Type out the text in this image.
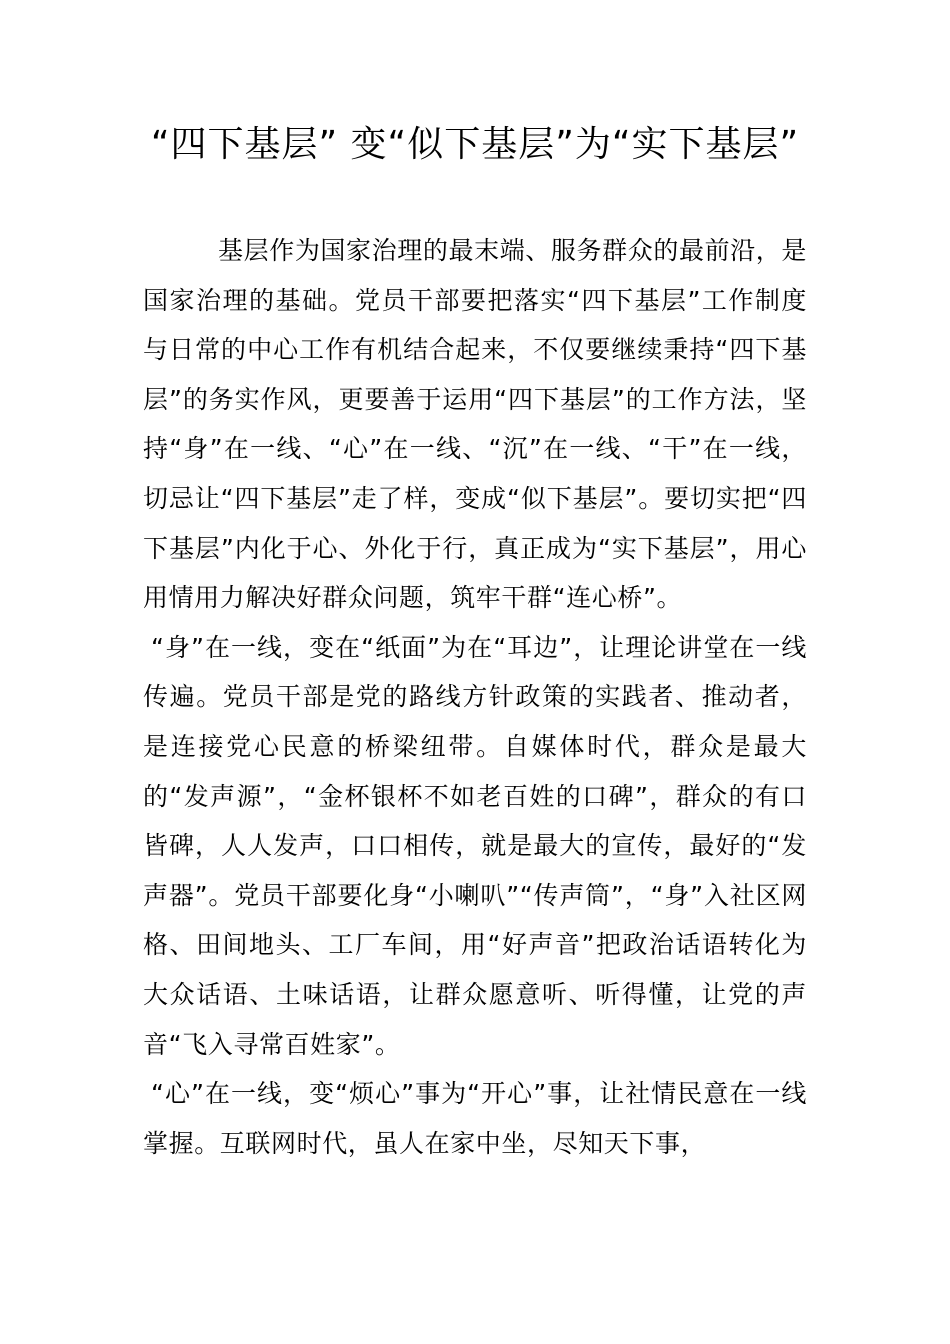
“四下基层” 变“似下基层”为“实下基层”

基层作为国家治理的最末端、服务群众的最前沿，是国家治理的基础。党员干部要把落实“四下基层”工作制度与日常的中心工作有机结合起来，不仅要继续秉持“四下基层”的务实作风，更要善于运用“四下基层”的工作方法，坚持“身”在一线、“心”在一线、“沉”在一线、“干”在一线，切忌让“四下基层”走了样，变成“似下基层”。要切实把“四下基层”内化于心、外化于行，真正成为“实下基层”，用心用情用力解决好群众问题，筑牢干群“连心桥”。

“身”在一线，变在“纸面”为在“耳边”，让理论讲堂在一线传遍。党员干部是党的路线方针政策的实践者、推动者，是连接党心民意的桥梁纽带。自媒体时代，群众是最大的“发声源”，“金杯银杯不如老百姓的口碑”，群众的有口皆碑，人人发声，口口相传，就是最大的宣传，最好的“发声器”。党员干部要化身“小喇叭”“传声筒”，“身”入社区网格、田间地头、工厂车间，用“好声音”把政治话语转化为大众话语、土味话语，让群众愿意听、听得懂，让党的声音“飞入寻常百姓家”。

“心”在一线，变“烦心”事为“开心”事，让社情民意在一线掌握。互联网时代，虽人在家中坐，尽知天下事，
